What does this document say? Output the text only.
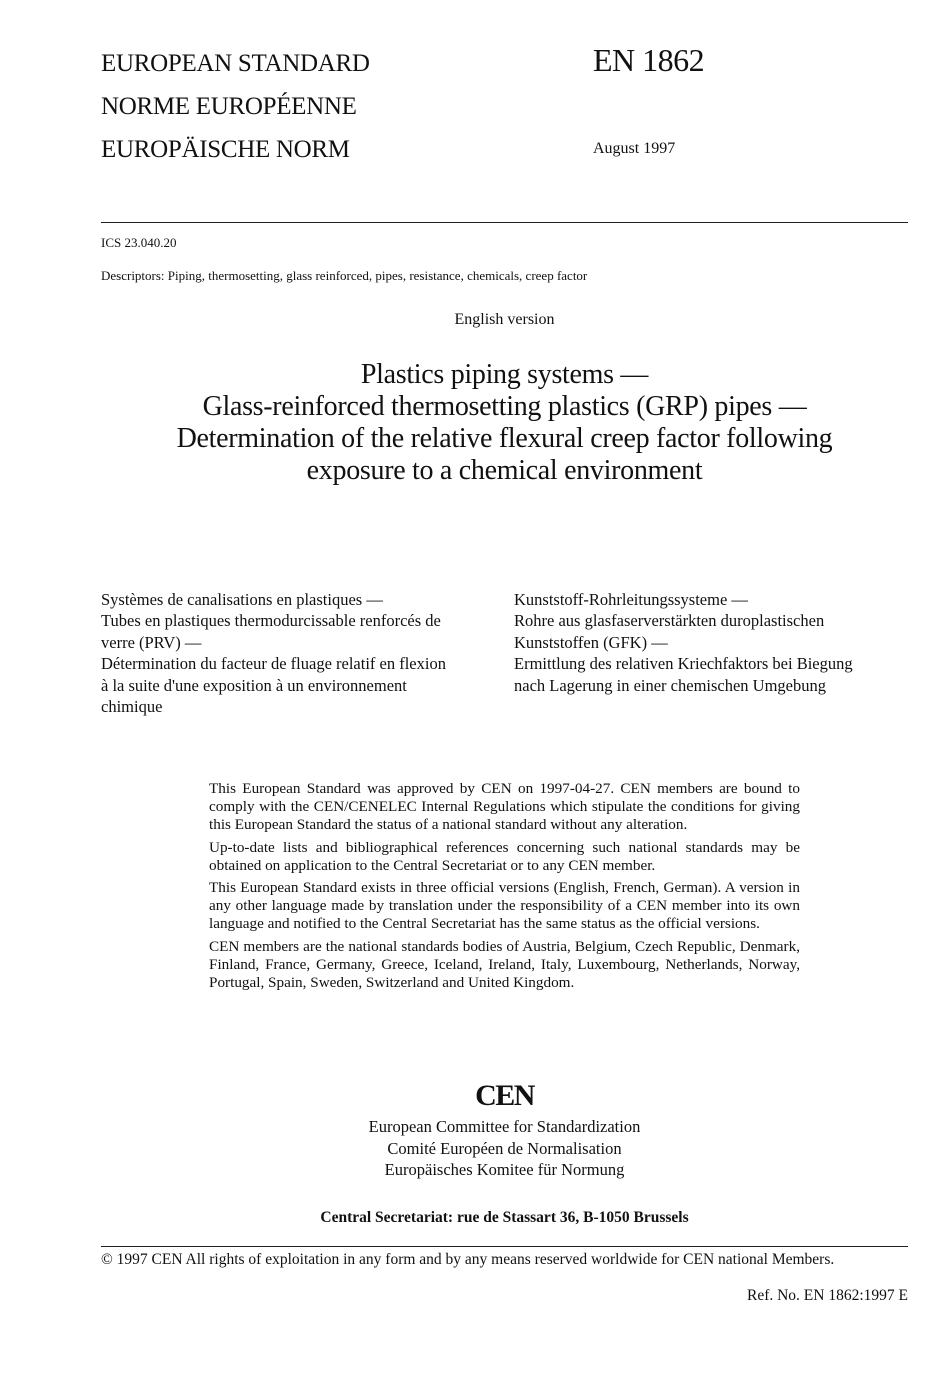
EUROPEAN STANDARD
NORME EUROPÉENNE
EUROPÄISCHE NORM
EN 1862
August 1997
ICS 23.040.20
Descriptors: Piping, thermosetting, glass reinforced, pipes, resistance, chemicals, creep factor
English version
Plastics piping systems —
Glass-reinforced thermosetting plastics (GRP) pipes —
Determination of the relative flexural creep factor following
exposure to a chemical environment
Systèmes de canalisations en plastiques —
Tubes en plastiques thermodurcissable renforcés de
verre (PRV) —
Détermination du facteur de fluage relatif en flexion
à la suite d'une exposition à un environnement
chimique
Kunststoff-Rohrleitungssysteme —
Rohre aus glasfaserverstärkten duroplastischen
Kunststoffen (GFK) —
Ermittlung des relativen Kriechfaktors bei Biegung
nach Lagerung in einer chemischen Umgebung

This European Standard was approved by CEN on 1997-04-27. CEN members are bound to comply with the CEN/CENELEC Internal Regulations which stipulate the conditions for giving this European Standard the status of a national standard without any alteration.

Up-to-date lists and bibliographical references concerning such national standards may be obtained on application to the Central Secretariat or to any CEN member.

This European Standard exists in three official versions (English, French, German). A version in any other language made by translation under the responsibility of a CEN member into its own language and notified to the Central Secretariat has the same status as the official versions.

CEN members are the national standards bodies of Austria, Belgium, Czech Republic, Denmark, Finland, France, Germany, Greece, Iceland, Ireland, Italy, Luxembourg, Netherlands, Norway, Portugal, Spain, Sweden, Switzerland and United Kingdom.

CEN
European Committee for Standardization
Comité Européen de Normalisation
Europäisches Komitee für Normung
Central Secretariat: rue de Stassart 36, B-1050 Brussels
© 1997 CEN All rights of exploitation in any form and by any means reserved worldwide for CEN national Members.
Ref. No. EN 1862:1997 E
